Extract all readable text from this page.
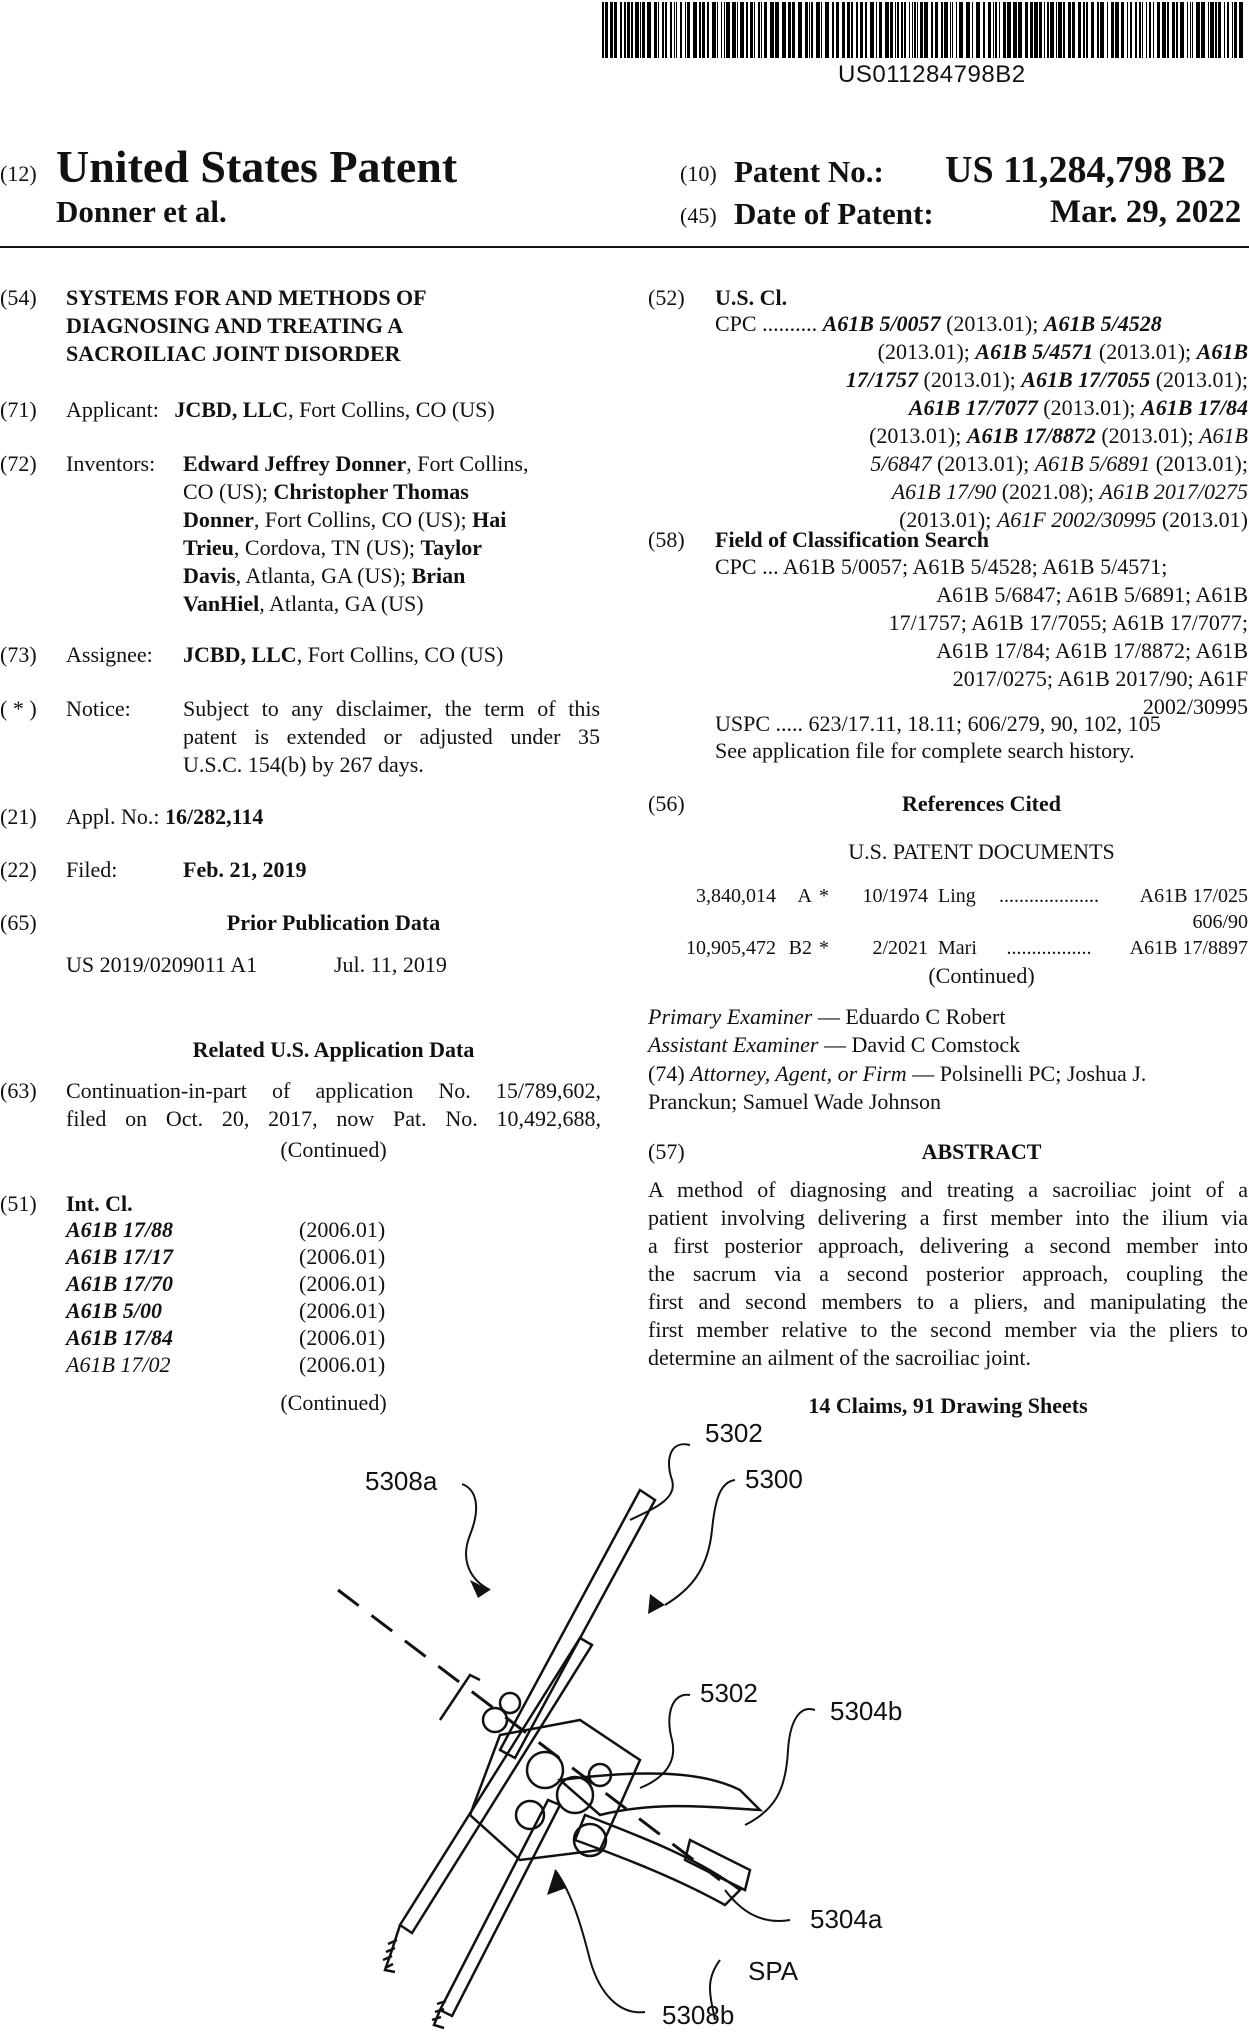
US011284798B2
(12) United States Patent
Donner et al.
(10) Patent No.: US 11,284,798 B2
(45) Date of Patent:	Mar. 29, 2022
(54)	SYSTEMS FOR AND METHODS OF
DIAGNOSING AND TREATING A
SACROILIAC JOINT DISORDER
(71)	Applicant: JCBD, LLC, Fort Collins, CO (US)
(72)	Inventors:	Edward Jeffrey Donner, Fort Collins,
CO (US); Christopher Thomas
Donner, Fort Collins, CO (US); Hai
Trieu, Cordova, TN (US); Taylor
Davis, Atlanta, GA (US); Brian
VanHiel, Atlanta, GA (US)
(73)	Assignee:	JCBD, LLC, Fort Collins, CO (US)
( * )	Notice:	Subject to any disclaimer, the term of this
patent is extended or adjusted under 35
U.S.C. 154(b) by 267 days.
(21)	Appl. No.: 16/282,114
(22)	Filed:	Feb. 21, 2019
(65)	Prior Publication Data
US 2019/0209011 A1	Jul. 11, 2019
Related U.S. Application Data
(63)	Continuation-in-part of application No. 15/789,602,
filed on Oct. 20, 2017, now Pat. No. 10,492,688,
(Continued)
(51)	Int. Cl.
A61B 17/88	(2006.01)
A61B 17/17	(2006.01)
A61B 17/70	(2006.01)
A61B 5/00	(2006.01)
A61B 17/84	(2006.01)
A61B 17/02	(2006.01)
(Continued)
(52)	U.S. Cl.
CPC .......... A61B 5/0057 (2013.01); A61B 5/4528
(2013.01); A61B 5/4571 (2013.01); A61B
17/1757 (2013.01); A61B 17/7055 (2013.01);
A61B 17/7077 (2013.01); A61B 17/84
(2013.01); A61B 17/8872 (2013.01); A61B
5/6847 (2013.01); A61B 5/6891 (2013.01);
A61B 17/90 (2021.08); A61B 2017/0275
(2013.01); A61F 2002/30995 (2013.01)
(58)	Field of Classification Search
CPC ... A61B 5/0057; A61B 5/4528; A61B 5/4571;
A61B 5/6847; A61B 5/6891; A61B
17/1757; A61B 17/7055; A61B 17/7077;
A61B 17/84; A61B 17/8872; A61B
2017/0275; A61B 2017/90; A61F
2002/30995
USPC ..... 623/17.11, 18.11; 606/279, 90, 102, 105
See application file for complete search history.
(56)	References Cited
U.S. PATENT DOCUMENTS
3,840,014	A *	10/1974 Ling	....................	A61B 17/025
606/90
10,905,472 B2 *	2/2021 Mari	.................	A61B 17/8897
(Continued)
Primary Examiner — Eduardo C Robert
Assistant Examiner — David C Comstock
(74) Attorney, Agent, or Firm — Polsinelli PC; Joshua J.
Pranckun; Samuel Wade Johnson
(57)	ABSTRACT
A method of diagnosing and treating a sacroiliac joint of a
patient involving delivering a first member into the ilium via
a first posterior approach, delivering a second member into
the sacrum via a second posterior approach, coupling the
first and second members to a pliers, and manipulating the
first member relative to the second member via the pliers to
determine an ailment of the sacroiliac joint.
14 Claims, 91 Drawing Sheets
5302
5300
5308a
5302
5304b
5304a
SPA
5308b
